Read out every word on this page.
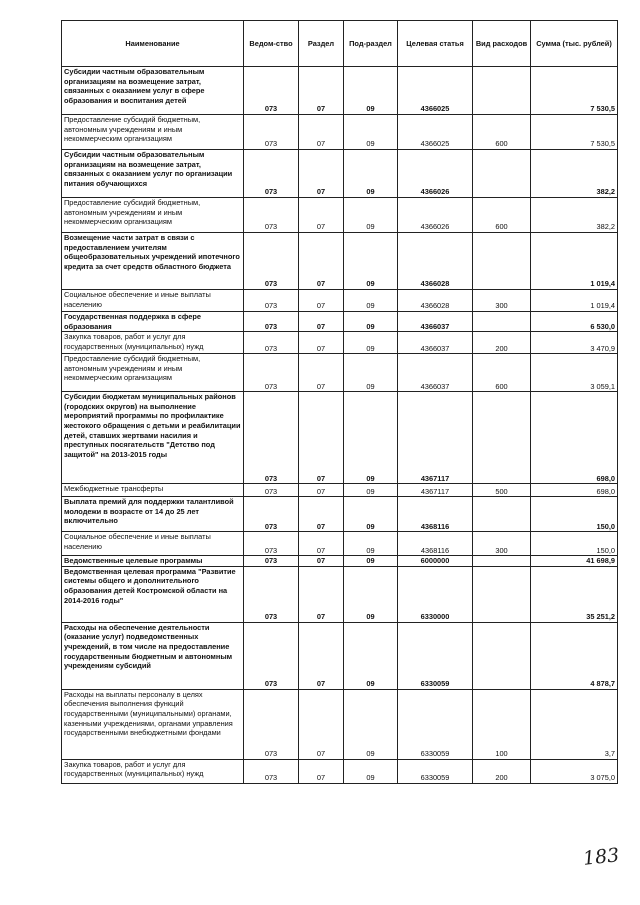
Наименование	Ведом-ство	Раздел	Под-раздел	Целевая статья	Вид расходов	Сумма (тыс. рублей)
Субсидии частным образовательным организациям на возмещение затрат, связанных с оказанием услуг в сфере образования и воспитания детей	073	07	09	4366025		7 530,5
Предоставление субсидий бюджетным, автономным учреждениям и иным некоммерческим организациям	073	07	09	4366025	600	7 530,5
Субсидии частным образовательным организациям на возмещение затрат, связанных с оказанием услуг по организации питания обучающихся	073	07	09	4366026		382,2
Предоставление субсидий бюджетным, автономным учреждениям и иным некоммерческим организациям	073	07	09	4366026	600	382,2
Возмещение части затрат в связи с предоставлением учителям общеобразовательных учреждений ипотечного кредита за счет средств областного бюджета	073	07	09	4366028		1 019,4
Социальное обеспечение и иные выплаты населению	073	07	09	4366028	300	1 019,4
Государственная поддержка в сфере образования	073	07	09	4366037		6 530,0
Закупка товаров, работ и услуг для государственных (муниципальных) нужд	073	07	09	4366037	200	3 470,9
Предоставление субсидий бюджетным, автономным учреждениям и иным некоммерческим организациям	073	07	09	4366037	600	3 059,1
Субсидии бюджетам муниципальных районов (городских округов) на выполнение мероприятий программы по профилактике жестокого обращения с детьми и реабилитации детей, ставших жертвами насилия и преступных посягательств "Детство под защитой" на 2013-2015 годы	073	07	09	4367117		698,0
Межбюджетные трансферты	073	07	09	4367117	500	698,0
Выплата премий для поддержки талантливой молодежи в возрасте от 14 до 25 лет включительно	073	07	09	4368116		150,0
Социальное обеспечение и иные выплаты населению	073	07	09	4368116	300	150,0
Ведомственные целевые программы	073	07	09	6000000		41 698,9
Ведомственная целевая программа "Развитие системы общего и дополнительного образования детей Костромской области на 2014-2016 годы"	073	07	09	6330000		35 251,2
Расходы на обеспечение деятельности (оказание услуг) подведомственных учреждений, в том числе на предоставление государственным бюджетным и автономным учреждениям субсидий	073	07	09	6330059		4 878,7
Расходы на выплаты персоналу в целях обеспечения выполнения функций государственными (муниципальными) органами, казенными учреждениями, органами управления государственными внебюджетными фондами	073	07	09	6330059	100	3,7
Закупка товаров, работ и услуг для государственных (муниципальных) нужд	073	07	09	6330059	200	3 075,0
183
